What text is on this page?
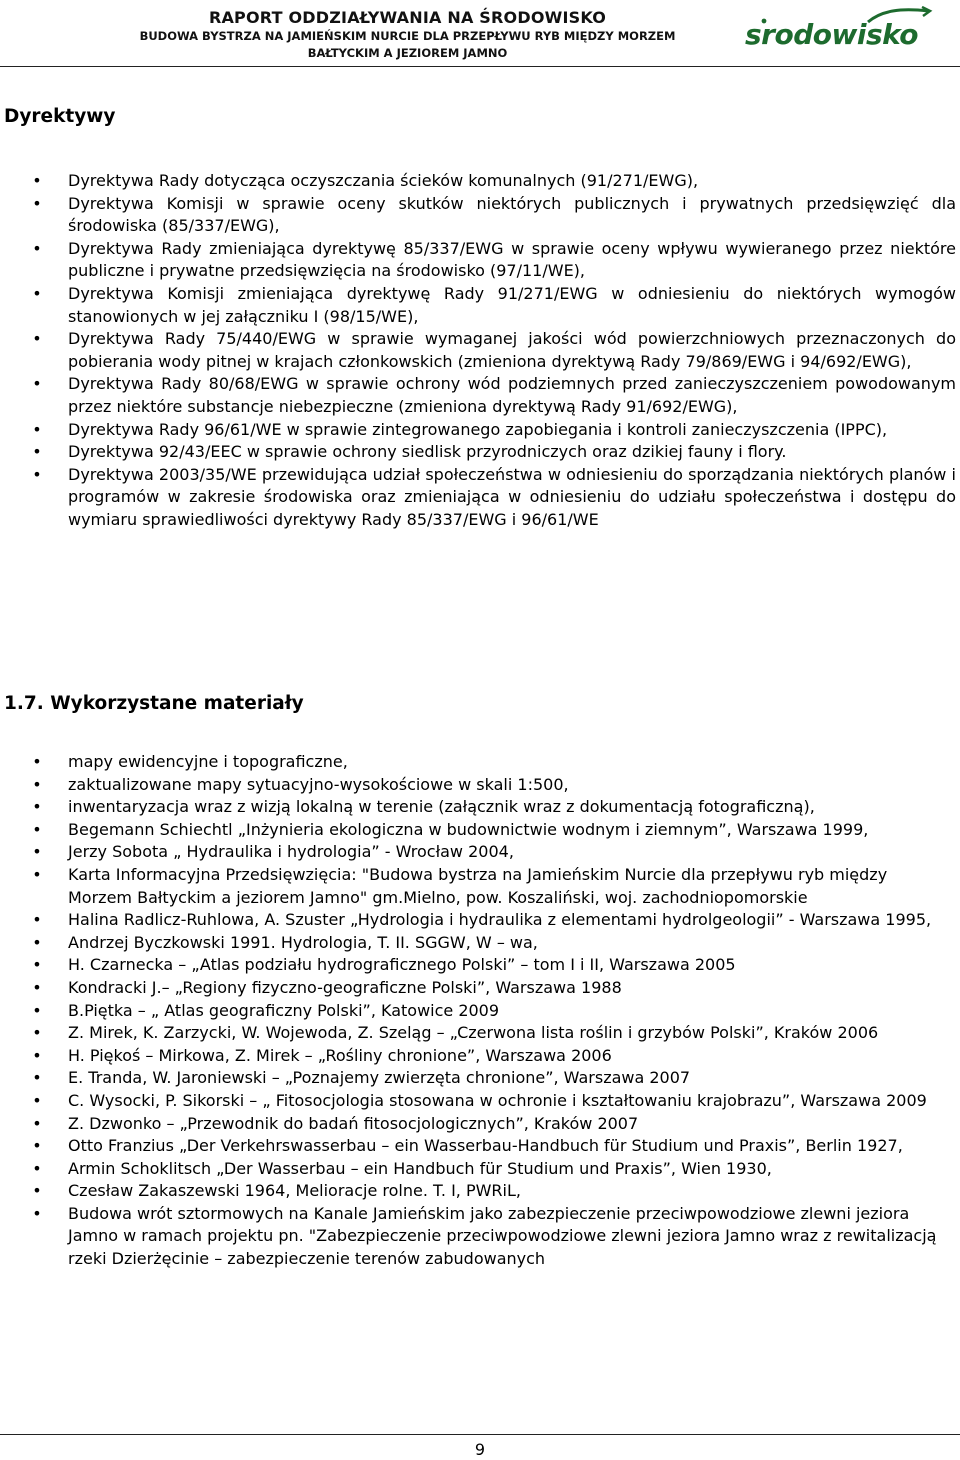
RAPORT ODDZIAŁYWANIA NA ŚRODOWISKO
BUDOWA BYSTRZA NA JAMIEŃSKIM NURCIE DLA PRZEPŁYWU RYB MIĘDZY MORZEM
BAŁTYCKIM A JEZIOREM JAMNO
srodowisko
Dyrektywy
• Dyrektywa Rady dotycząca oczyszczania ścieków komunalnych (91/271/EWG),
• Dyrektywa Komisji w sprawie oceny skutków niektórych publicznych i prywatnych przedsięwzięć dla środowiska (85/337/EWG),
• Dyrektywa Rady zmieniająca dyrektywę 85/337/EWG w sprawie oceny wpływu wywieranego przez niektóre publiczne i prywatne przedsięwzięcia na środowisko (97/11/WE),
• Dyrektywa Komisji zmieniająca dyrektywę Rady 91/271/EWG w odniesieniu do niektórych wymogów stanowionych w jej załączniku I (98/15/WE),
• Dyrektywa Rady 75/440/EWG w sprawie wymaganej jakości wód powierzchniowych przeznaczonych do pobierania wody pitnej w krajach członkowskich (zmieniona dyrektywą Rady 79/869/EWG i 94/692/EWG),
• Dyrektywa Rady 80/68/EWG w sprawie ochrony wód podziemnych przed zanieczyszczeniem powodowanym przez niektóre substancje niebezpieczne (zmieniona dyrektywą Rady 91/692/EWG),
• Dyrektywa Rady 96/61/WE w sprawie zintegrowanego zapobiegania i kontroli zanieczyszczenia (IPPC),
• Dyrektywa 92/43/EEC w sprawie ochrony siedlisk przyrodniczych oraz dzikiej fauny i flory.
• Dyrektywa 2003/35/WE przewidująca udział społeczeństwa w odniesieniu do sporządzania niektórych planów i programów w zakresie środowiska oraz zmieniająca w odniesieniu do udziału społeczeństwa i dostępu do wymiaru sprawiedliwości dyrektywy Rady 85/337/EWG i 96/61/WE
1.7. Wykorzystane materiały
• mapy ewidencyjne i topograficzne,
• zaktualizowane mapy sytuacyjno-wysokościowe w skali 1:500,
• inwentaryzacja wraz z wizją lokalną w terenie (załącznik wraz z dokumentacją fotograficzną),
• Begemann Schiechtl „Inżynieria ekologiczna w budownictwie wodnym i ziemnym”, Warszawa 1999,
• Jerzy Sobota „ Hydraulika i hydrologia” - Wrocław 2004,
• Karta Informacyjna Przedsięwzięcia: "Budowa bystrza na Jamieńskim Nurcie dla przepływu ryb między Morzem Bałtyckim a jeziorem Jamno" gm.Mielno, pow. Koszaliński, woj. zachodniopomorskie
• Halina Radlicz-Ruhlowa, A. Szuster „Hydrologia i hydraulika z elementami hydrolgeologii” - Warszawa 1995,
• Andrzej Byczkowski 1991. Hydrologia, T. II. SGGW, W – wa,
• H. Czarnecka – „Atlas podziału hydrograficznego Polski” – tom I i II, Warszawa 2005
• Kondracki J.– „Regiony fizyczno-geograficzne Polski”, Warszawa 1988
• B.Piętka – „ Atlas geograficzny Polski”, Katowice 2009
• Z. Mirek, K. Zarzycki, W. Wojewoda, Z. Szeląg – „Czerwona lista roślin i grzybów Polski”, Kraków 2006
• H. Piękoś – Mirkowa, Z. Mirek – „Rośliny chronione”, Warszawa 2006
• E. Tranda, W. Jaroniewski – „Poznajemy zwierzęta chronione”, Warszawa 2007
• C. Wysocki, P. Sikorski – „ Fitosocjologia stosowana w ochronie i kształtowaniu krajobrazu”, Warszawa 2009
• Z. Dzwonko – „Przewodnik do badań fitosocjologicznych”, Kraków 2007
• Otto Franzius „Der Verkehrswasserbau – ein Wasserbau-Handbuch für Studium und Praxis”, Berlin 1927,
• Armin Schoklitsch „Der Wasserbau – ein Handbuch für Studium und Praxis”, Wien 1930,
• Czesław Zakaszewski 1964, Melioracje rolne. T. I, PWRiL,
• Budowa wrót sztormowych na Kanale Jamieńskim jako zabezpieczenie przeciwpowodziowe zlewni jeziora Jamno w ramach projektu pn. "Zabezpieczenie przeciwpowodziowe zlewni jeziora Jamno wraz z rewitalizacją rzeki Dzierżęcinie – zabezpieczenie terenów zabudowanych
9
